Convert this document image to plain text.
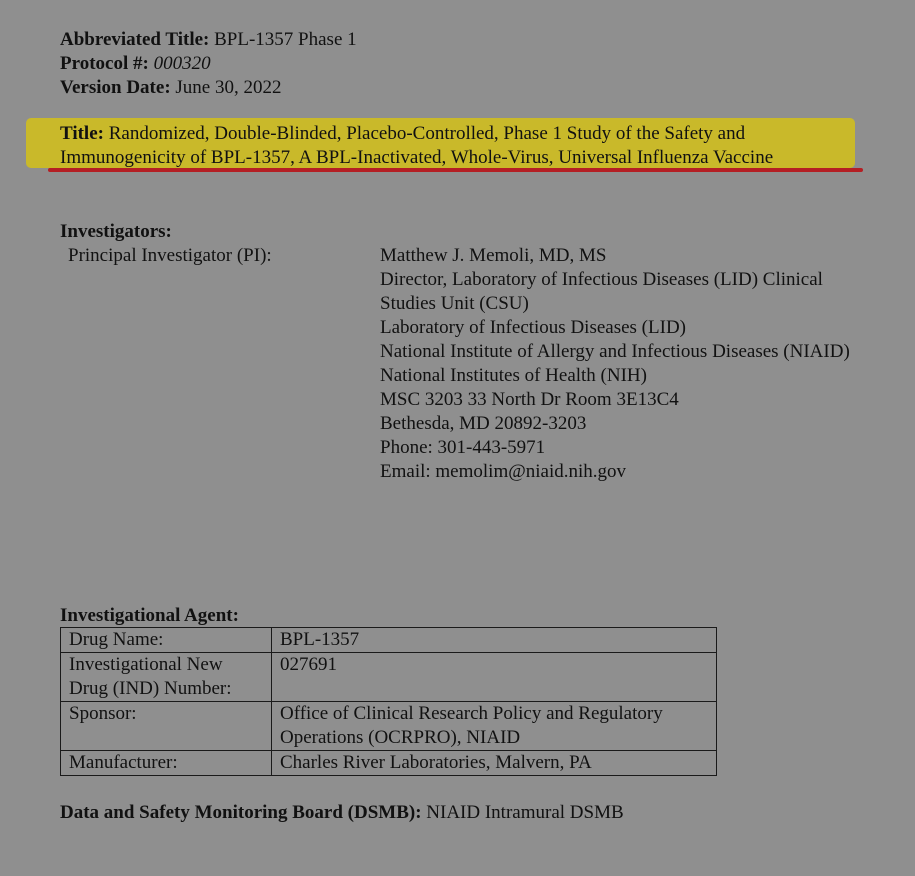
Abbreviated Title: BPL-1357 Phase 1
Protocol #: 000320
Version Date: June 30, 2022
Title: Randomized, Double-Blinded, Placebo-Controlled, Phase 1 Study of the Safety and
Immunogenicity of BPL-1357, A BPL-Inactivated, Whole-Virus, Universal Influenza Vaccine
Investigators:
Principal Investigator (PI):	Matthew J. Memoli, MD, MS
Director, Laboratory of Infectious Diseases (LID) Clinical
Studies Unit (CSU)
Laboratory of Infectious Diseases (LID)
National Institute of Allergy and Infectious Diseases (NIAID)
National Institutes of Health (NIH)
MSC 3203 33 North Dr Room 3E13C4
Bethesda, MD 20892-3203
Phone: 301-443-5971
Email: memolim@niaid.nih.gov
Investigational Agent:
Drug Name:	BPL-1357
Investigational New
Drug (IND) Number:	027691
Sponsor:	Office of Clinical Research Policy and Regulatory
Operations (OCRPRO), NIAID
Manufacturer:	Charles River Laboratories, Malvern, PA
Data and Safety Monitoring Board (DSMB): NIAID Intramural DSMB
